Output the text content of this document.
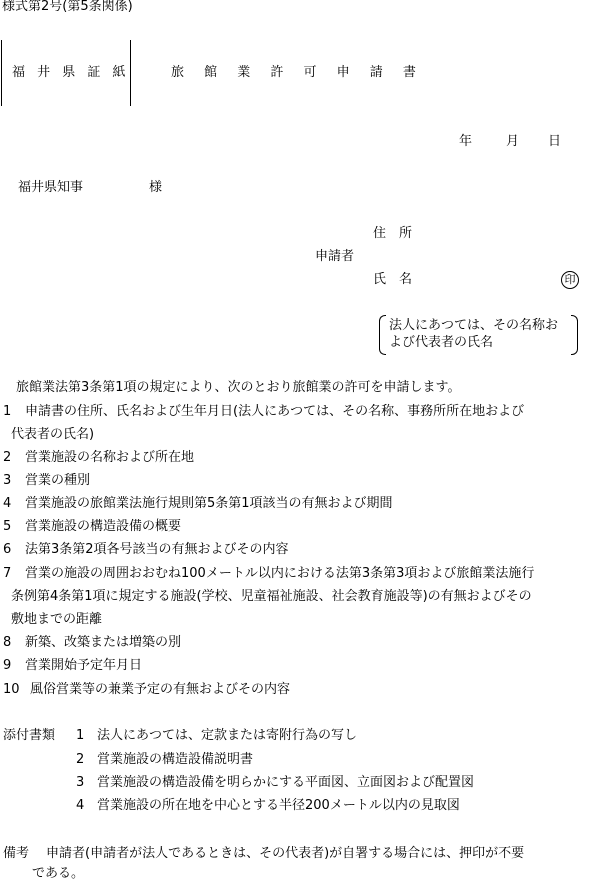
様式第2号(第5条関係)
福 井 県 証 紙	旅 館 業 許 可 申 請 書
年	月 日
福井県知事	様
住　所
申請者
氏　名	印
法人にあつては、その名称お
よび代表者の氏名
旅館業法第3条第1項の規定により、次のとおり旅館業の許可を申請します。
1 申請書の住所、氏名および生年月日(法人にあつては、その名称、事務所所在地および
代表者の氏名)
2 営業施設の名称および所在地
3 営業の種別
4 営業施設の旅館業法施行規則第5条第1項該当の有無および期間
5 営業施設の構造設備の概要
6 法第3条第2項各号該当の有無およびその内容
7 営業の施設の周囲おおむね100メートル以内における法第3条第3項および旅館業法施行
条例第4条第1項に規定する施設(学校、児童福祉施設、社会教育施設等)の有無およびその
敷地までの距離
8 新築、改築または増築の別
9 営業開始予定年月日
10 風俗営業等の兼業予定の有無およびその内容
添付書類 1 法人にあつては、定款または寄附行為の写し
2 営業施設の構造設備説明書
3 営業施設の構造設備を明らかにする平面図、立面図および配置図
4 営業施設の所在地を中心とする半径200メートル以内の見取図
備考 申請者(申請者が法人であるときは、その代表者)が自署する場合には、押印が不要
である。
